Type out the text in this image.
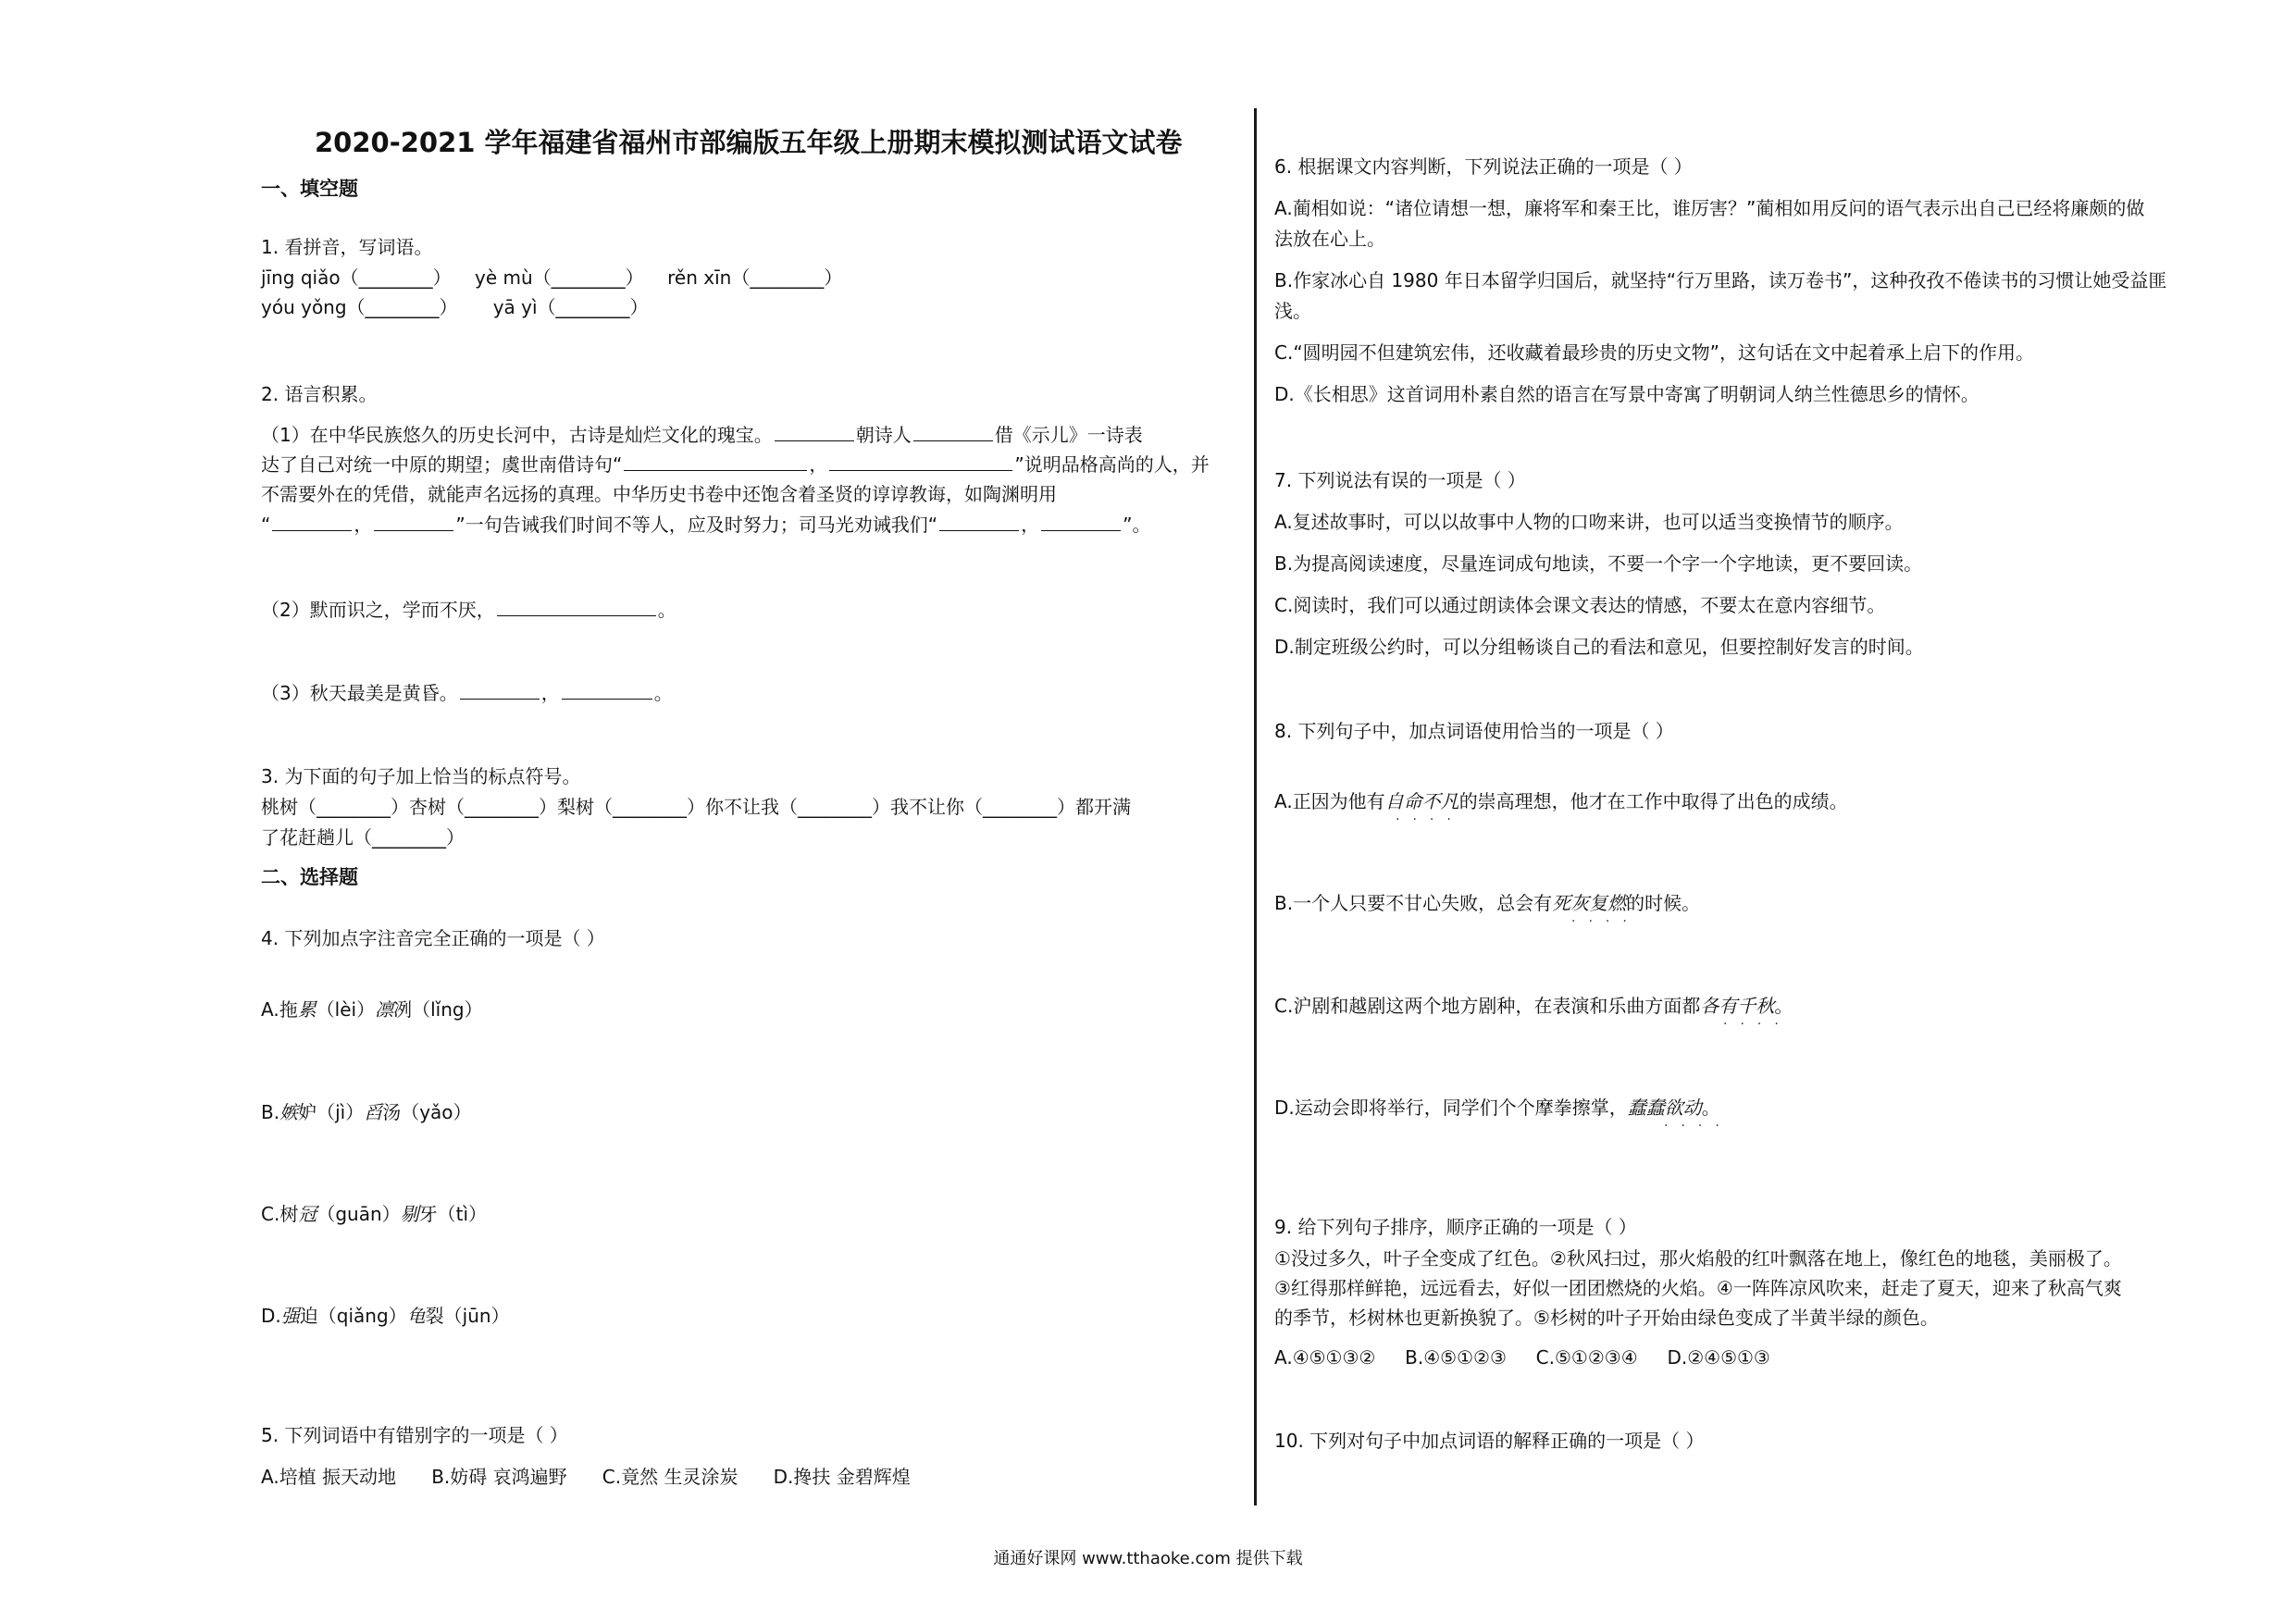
2020-2021 学年福建省福州市部编版五年级上册期末模拟测试语文试卷
一、填空题
1. 看拼音，写词语。
jīng qiǎo（________） yè mù（________） rěn xīn（________）
yóu yǒng（________） yā yì（________）
2. 语言积累。
（1）在中华民族悠久的历史长河中，古诗是灿烂文化的瑰宝。	朝诗人	借《示儿》一诗表
达了自己对统一中原的期望；虞世南借诗句“	，	”说明品格高尚的人，并
不需要外在的凭借，就能声名远扬的真理。中华历史书卷中还饱含着圣贤的谆谆教诲，如陶渊明用
“	，	”一句告诫我们时间不等人，应及时努力；司马光劝诫我们“	，	”。
（2）默而识之，学而不厌，	。
（3）秋天最美是黄昏。	，	。
3. 为下面的句子加上恰当的标点符号。
桃树（________）杏树（________）梨树（________）你不让我（________）我不让你（________）都开满
了花赶趟儿（________）
二、选择题
4. 下列加点字注音完全正确的一项是（ ）
A.拖累（lèi）凛冽（lǐng）
B.嫉妒（jì）舀汤（yǎo）
C.树冠（guān）剔牙（tì）
D.强迫（qiǎng）龟裂（jūn）
5. 下列词语中有错别字的一项是（ ）
A.培植 振天动地 B.妨碍 哀鸿遍野 C.竟然 生灵涂炭 D.搀扶 金碧辉煌
6. 根据课文内容判断，下列说法正确的一项是（ ）
A.蔺相如说：“诸位请想一想，廉将军和秦王比，谁厉害？”蔺相如用反问的语气表示出自己已经将廉颇的做
法放在心上。
B.作家冰心自 1980 年日本留学归国后，就坚持“行万里路，读万卷书”，这种孜孜不倦读书的习惯让她受益匪
浅。
C.“圆明园不但建筑宏伟，还收藏着最珍贵的历史文物”，这句话在文中起着承上启下的作用。
D.《长相思》这首词用朴素自然的语言在写景中寄寓了明朝词人纳兰性德思乡的情怀。
7. 下列说法有误的一项是（ ）
A.复述故事时，可以以故事中人物的口吻来讲，也可以适当变换情节的顺序。
B.为提高阅读速度，尽量连词成句地读，不要一个字一个字地读，更不要回读。
C.阅读时，我们可以通过朗读体会课文表达的情感，不要太在意内容细节。
D.制定班级公约时，可以分组畅谈自己的看法和意见，但要控制好发言的时间。
8. 下列句子中，加点词语使用恰当的一项是（ ）
A.正因为他有自命不凡的崇高理想，他才在工作中取得了出色的成绩。
····
B.一个人只要不甘心失败，总会有死灰复燃的时候。
····
C.沪剧和越剧这两个地方剧种，在表演和乐曲方面都各有千秋。
····
D.运动会即将举行，同学们个个摩拳擦掌，蠢蠢欲动。
····
9. 给下列句子排序，顺序正确的一项是（ ）
①没过多久，叶子全变成了红色。②秋风扫过，那火焰般的红叶飘落在地上，像红色的地毯，美丽极了。
③红得那样鲜艳，远远看去，好似一团团燃烧的火焰。④一阵阵凉风吹来，赶走了夏天，迎来了秋高气爽
的季节，杉树林也更新换貌了。⑤杉树的叶子开始由绿色变成了半黄半绿的颜色。
A.④⑤①③② B.④⑤①②③ C.⑤①②③④ D.②④⑤①③
10. 下列对句子中加点词语的解释正确的一项是（ ）
通通好课网 www.tthaoke.com 提供下载
